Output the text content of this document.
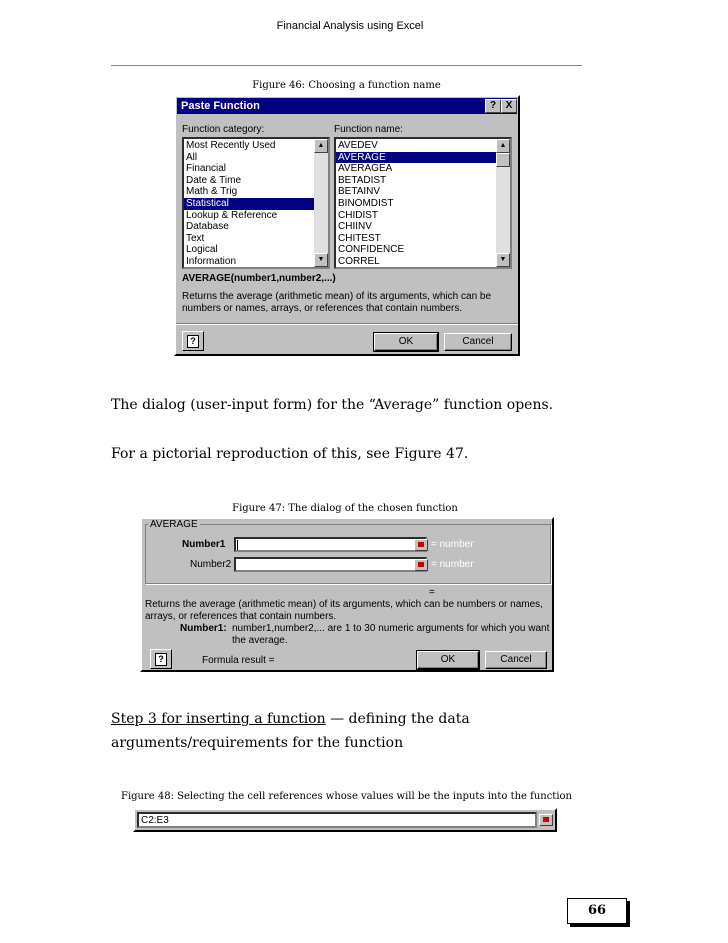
Financial Analysis using Excel
Figure 46: Choosing a function name
Paste Function	? X
Function category:	Function name:
Most Recently Used
All
Financial
Date & Time
Math & Trig
Statistical
Lookup & Reference
Database
Text
Logical
Information
▲
▼
AVEDEV
AVERAGE
AVERAGEA
BETADIST
BETAINV
BINOMDIST
CHIDIST
CHIINV
CHITEST
CONFIDENCE
CORREL
▲
▼
AVERAGE(number1,number2,...)
Returns the average (arithmetic mean) of its arguments, which can be numbers or names, arrays, or references that contain numbers.
?	OK	Cancel
The dialog (user-input form) for the “Average” function opens.
For a pictorial reproduction of this, see Figure 47.
Figure 47: The dialog of the chosen function
AVERAGE
Number1	= number
Number2	= number
=
Returns the average (arithmetic mean) of its arguments, which can be numbers or names, arrays, or references that contain numbers.
Number1: number1,number2,... are 1 to 30 numeric arguments for which you want the average.
?	Formula result =	OK	Cancel
Step 3 for inserting a function — defining the data
arguments/requirements for the function
Figure 48: Selecting the cell references whose values will be the inputs into the function
C2:E3
66
